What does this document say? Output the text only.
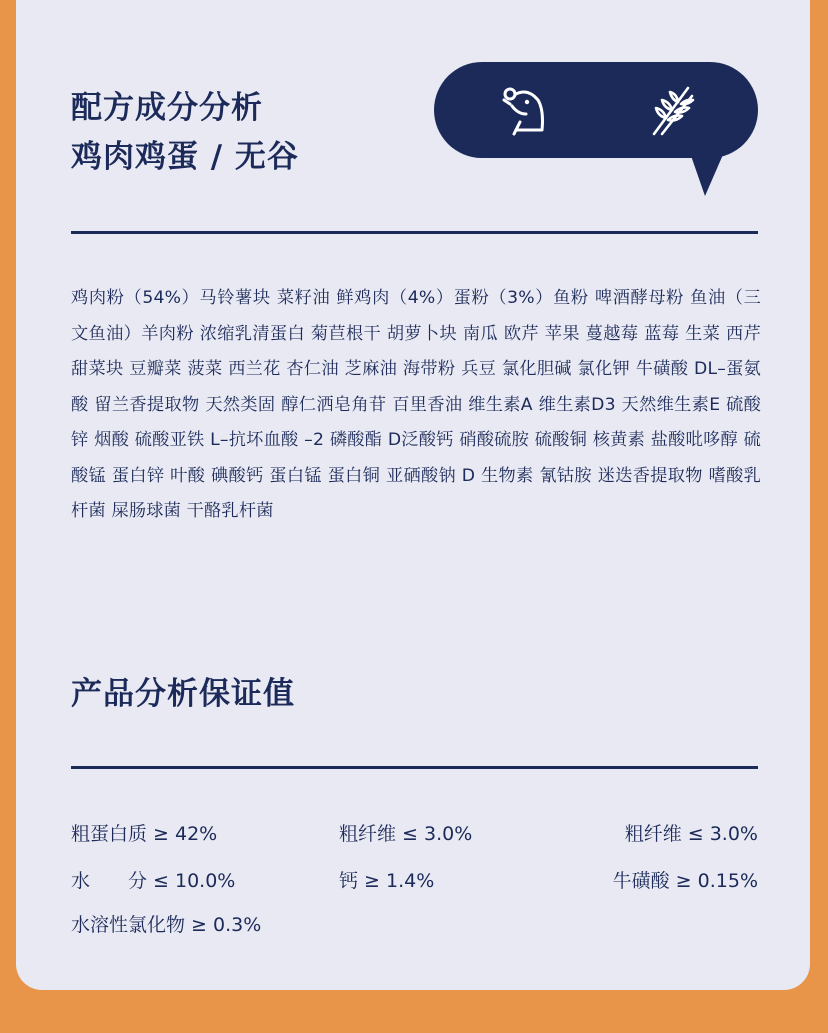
配方成分分析
鸡肉鸡蛋 / 无谷

鸡肉粉（54%）马铃薯块 菜籽油 鲜鸡肉（4%）蛋粉（3%）鱼粉 啤酒酵母粉 鱼油（三文鱼油）羊肉粉 浓缩乳清蛋白 菊苣根干 胡萝卜块 南瓜 欧芹 苹果 蔓越莓 蓝莓 生菜 西芹 甜菜块 豆瓣菜 菠菜 西兰花 杏仁油 芝麻油 海带粉 兵豆 氯化胆碱 氯化钾 牛磺酸 DL–蛋氨酸 留兰香提取物 天然类固 醇仁洒皂角苷 百里香油 维生素A 维生素D3 天然维生素E 硫酸锌 烟酸 硫酸亚铁 L–抗坏血酸 –2 磷酸酯 D泛酸钙 硝酸硫胺 硫酸铜 核黄素 盐酸吡哆醇 硫酸锰 蛋白锌 叶酸 碘酸钙 蛋白锰 蛋白铜 亚硒酸钠 D 生物素 氰钴胺 迷迭香提取物 嗜酸乳杆菌 屎肠球菌 干酪乳杆菌

产品分析保证值
粗蛋白质 ≥ 42%	粗纤维 ≤ 3.0%	粗纤维 ≤ 3.0%
水　　分 ≤ 10.0%	钙 ≥ 1.4%	牛磺酸 ≥ 0.15%
水溶性氯化物 ≥ 0.3%
